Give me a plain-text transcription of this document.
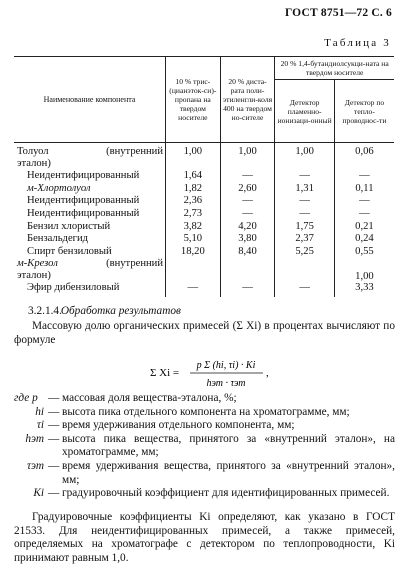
ГОСТ 8751—72 С. 6
Таблица 3
Наименование компонента	10 % трис-(цианэток-си)-пропана на твердом носителе	20 % диста-рата поли-этиленгли-коля 400 на твердом но-сителе	20 % 1,4-бутандиолсукци-ната на твердом носителе	
			Детектор пламенно-ионизаци-онный	Детектор по тепло-проводнос-ти

Толуол (внутренний
эталон)	1,00	1,00	1,00	0,06
Неидентифицированный	1,64	—	—	—
м-Хлортолуол	1,82	2,60	1,31	0,11
Неидентифицированный	2,36	—	—	—
Неидентифицированный	2,73	—	—	—
Бензил хлористый	3,82	4,20	1,75	0,21
Бензальдегид	5,10	3,80	2,37	0,24
Спирт бензиловый	18,20	8,40	5,25	0,55

м-Крезол (внутренний
эталон)				1,00
Эфир дибензиловый	—	—	—	3,33
3.2.1.4. Обработка результатов
Массовую долю органических примесей (Σ Xi) в процентах вычисляют по формуле
Σ Xi =
p Σ (hi, τi) · Ki
hэт · τэт
,
где p — массовая доля вещества-эталона, %;
hi — высота пика отдельного компонента на хроматограмме, мм;
τi — время удерживания отдельного компонента, мм;
hэт — высота пика вещества, принятого за «внутренний эталон», на хроматограмме, мм;
τэт — время удерживания вещества, принятого за «внутренний эталон», мм;
Ki — градуировочный коэффициент для идентифицированных примесей.
Градуировочные коэффициенты Ki определяют, как указано в ГОСТ 21533. Для неидентифицированных примесей, а также примесей, определяемых на хроматографе с детектором по теплопроводности, Ki принимают равным 1,0.
